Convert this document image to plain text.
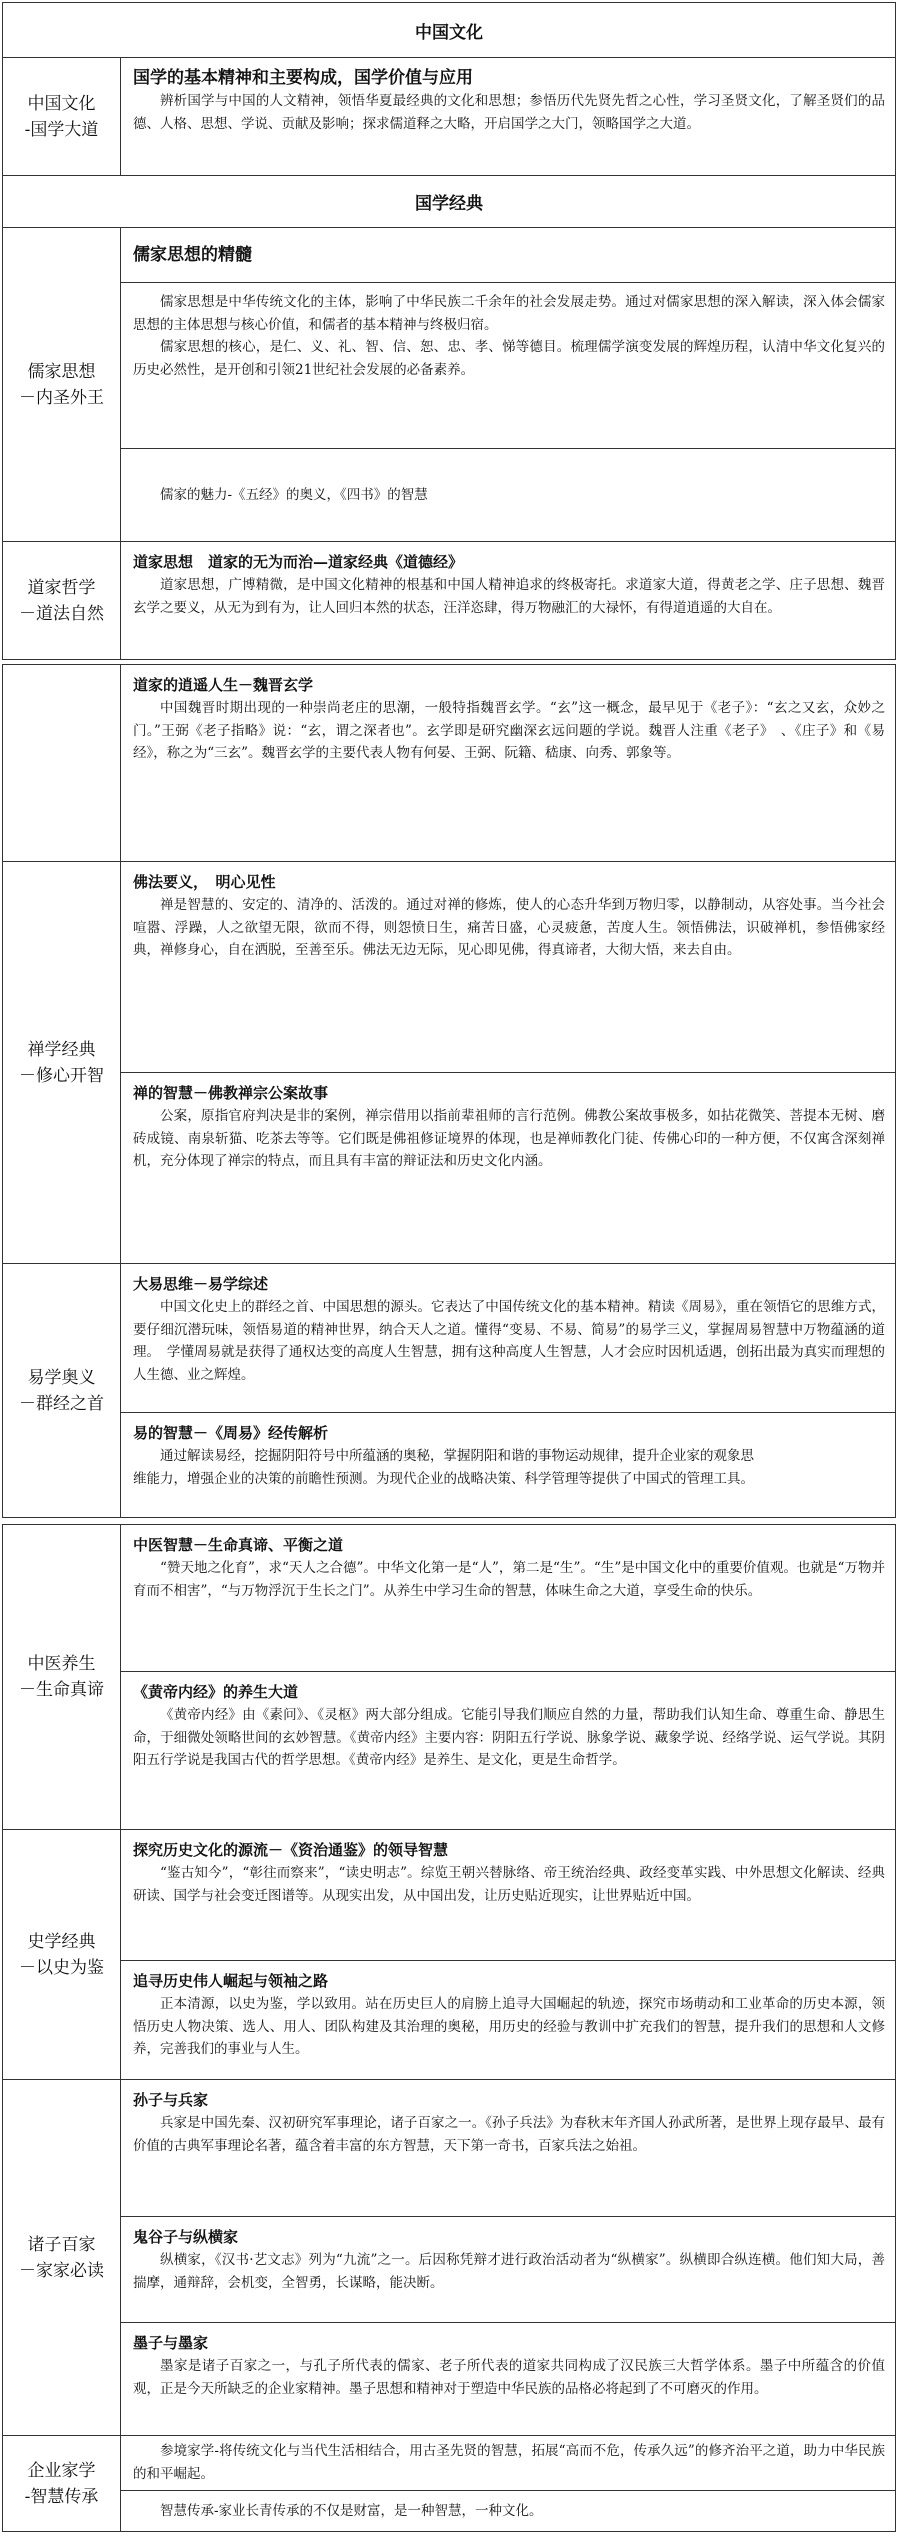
中国文化
中国文化
-国学大道
国学的基本精神和主要构成，国学价值与应用
辨析国学与中国的人文精神，领悟华夏最经典的文化和思想；参悟历代先贤先哲之心性，学习圣贤文化，了解圣贤们的品德、人格、思想、学说、贡献及影响；探求儒道释之大略，开启国学之大门，领略国学之大道。
国学经典
儒家思想
－内圣外王
儒家思想的精髓
儒家思想是中华传统文化的主体，影响了中华民族二千余年的社会发展走势。通过对儒家思想的深入解读，深入体会儒家思想的主体思想与核心价值，和儒者的基本精神与终极归宿。
儒家思想的核心，是仁、义、礼、智、信、恕、忠、孝、悌等德目。梳理儒学演变发展的辉煌历程，认清中华文化复兴的历史必然性，是开创和引领21世纪社会发展的必备素养。
儒家的魅力-《五经》的奥义，《四书》的智慧
道家哲学
－道法自然
道家思想　道家的无为而治—道家经典《道德经》
道家思想，广博精微，是中国文化精神的根基和中国人精神追求的终极寄托。求道家大道，得黄老之学、庄子思想、魏晋玄学之要义，从无为到有为，让人回归本然的状态，汪洋恣肆，得万物融汇的大禄怀，有得道逍遥的大自在。
道家的逍遥人生－魏晋玄学
中国魏晋时期出现的一种崇尚老庄的思潮，一般特指魏晋玄学。“玄”这一概念，最早见于《老子》：“玄之又玄，众妙之门。”王弼《老子指略》说：“玄，谓之深者也”。玄学即是研究幽深玄远问题的学说。魏晋人注重《老子》　、《庄子》和《易经》，称之为“三玄”。魏晋玄学的主要代表人物有何晏、王弼、阮籍、嵇康、向秀、郭象等。
禅学经典
－修心开智
佛法要义，　明心见性
禅是智慧的、安定的、清净的、活泼的。通过对禅的修炼，使人的心态升华到万物归零，以静制动，从容处事。当今社会喧嚣、浮躁，人之欲望无限，欲而不得，则怨愤日生，痛苦日盛，心灵疲惫，苦度人生。领悟佛法，识破禅机，参悟佛家经典，禅修身心，自在洒脱，至善至乐。佛法无边无际，见心即见佛，得真谛者，大彻大悟，来去自由。
禅的智慧－佛教禅宗公案故事
公案，原指官府判决是非的案例，禅宗借用以指前辈祖师的言行范例。佛教公案故事极多，如拈花微笑、菩提本无树、磨砖成镜、南泉斩猫、吃茶去等等。它们既是佛祖修证境界的体现，也是禅师教化门徒、传佛心印的一种方便，不仅寓含深刻禅机，充分体现了禅宗的特点，而且具有丰富的辩证法和历史文化内涵。
易学奥义
－群经之首
大易思维－易学综述
中国文化史上的群经之首、中国思想的源头。它表达了中国传统文化的基本精神。精读《周易》，重在领悟它的思维方式，要仔细沉潜玩味，领悟易道的精神世界，纳合天人之道。懂得“变易、不易、简易”的易学三义，掌握周易智慧中万物蕴涵的道理。　学懂周易就是获得了通权达变的高度人生智慧，拥有这种高度人生智慧，人才会应时因机适遇，创拓出最为真实而理想的人生德、业之辉煌。
易的智慧－《周易》经传解析
通过解读易经，挖掘阴阳符号中所蕴涵的奥秘，掌握阴阳和谐的事物运动规律，提升企业家的观象思
维能力，增强企业的决策的前瞻性预测。为现代企业的战略决策、科学管理等提供了中国式的管理工具。
中医养生
－生命真谛
中医智慧－生命真谛、平衡之道
“赞天地之化育”，求“天人之合德”。中华文化第一是“人”，第二是“生”。“生”是中国文化中的重要价值观。也就是“万物并育而不相害”，“与万物浮沉于生长之门”。从养生中学习生命的智慧，体味生命之大道，享受生命的快乐。
《黄帝内经》的养生大道
《黄帝内经》由《素问》、《灵枢》两大部分组成。它能引导我们顺应自然的力量，帮助我们认知生命、尊重生命、静思生命，于细微处领略世间的玄妙智慧。《黄帝内经》主要内容：阴阳五行学说、脉象学说、藏象学说、经络学说、运气学说。其阴阳五行学说是我国古代的哲学思想。《黄帝内经》是养生、是文化，更是生命哲学。
史学经典
－以史为鉴
探究历史文化的源流－《资治通鉴》的领导智慧
“鉴古知今”，“彰往而察来”，“读史明志”。综览王朝兴替脉络、帝王统治经典、政经变革实践、中外思想文化解读、经典研读、国学与社会变迁图谱等。从现实出发，从中国出发，让历史贴近现实，让世界贴近中国。
追寻历史伟人崛起与领袖之路
正本清源，以史为鉴，学以致用。站在历史巨人的肩膀上追寻大国崛起的轨迹，探究市场萌动和工业革命的历史本源，领悟历史人物决策、选人、用人、团队构建及其治理的奥秘，用历史的经验与教训中扩充我们的智慧，提升我们的思想和人文修养，完善我们的事业与人生。
诸子百家
－家家必读
孙子与兵家
兵家是中国先秦、汉初研究军事理论，诸子百家之一。《孙子兵法》为春秋末年齐国人孙武所著，是世界上现存最早、最有价值的古典军事理论名著，蕴含着丰富的东方智慧，天下第一奇书，百家兵法之始祖。
鬼谷子与纵横家
纵横家，《汉书·艺文志》列为“九流”之一。后因称凭辩才进行政治活动者为“纵横家”。纵横即合纵连横。他们知大局，善揣摩，通辩辞，会机变，全智勇，长谋略，能决断。
墨子与墨家
墨家是诸子百家之一，与孔子所代表的儒家、老子所代表的道家共同构成了汉民族三大哲学体系。墨子中所蕴含的价值观，正是今天所缺乏的企业家精神。墨子思想和精神对于塑造中华民族的品格必将起到了不可磨灭的作用。
企业家学
-智慧传承
参境家学-将传统文化与当代生活相结合，用古圣先贤的智慧，拓展“高而不危，传承久远”的修齐治平之道，助力中华民族的和平崛起。
智慧传承-家业长青传承的不仅是财富，是一种智慧，一种文化。
